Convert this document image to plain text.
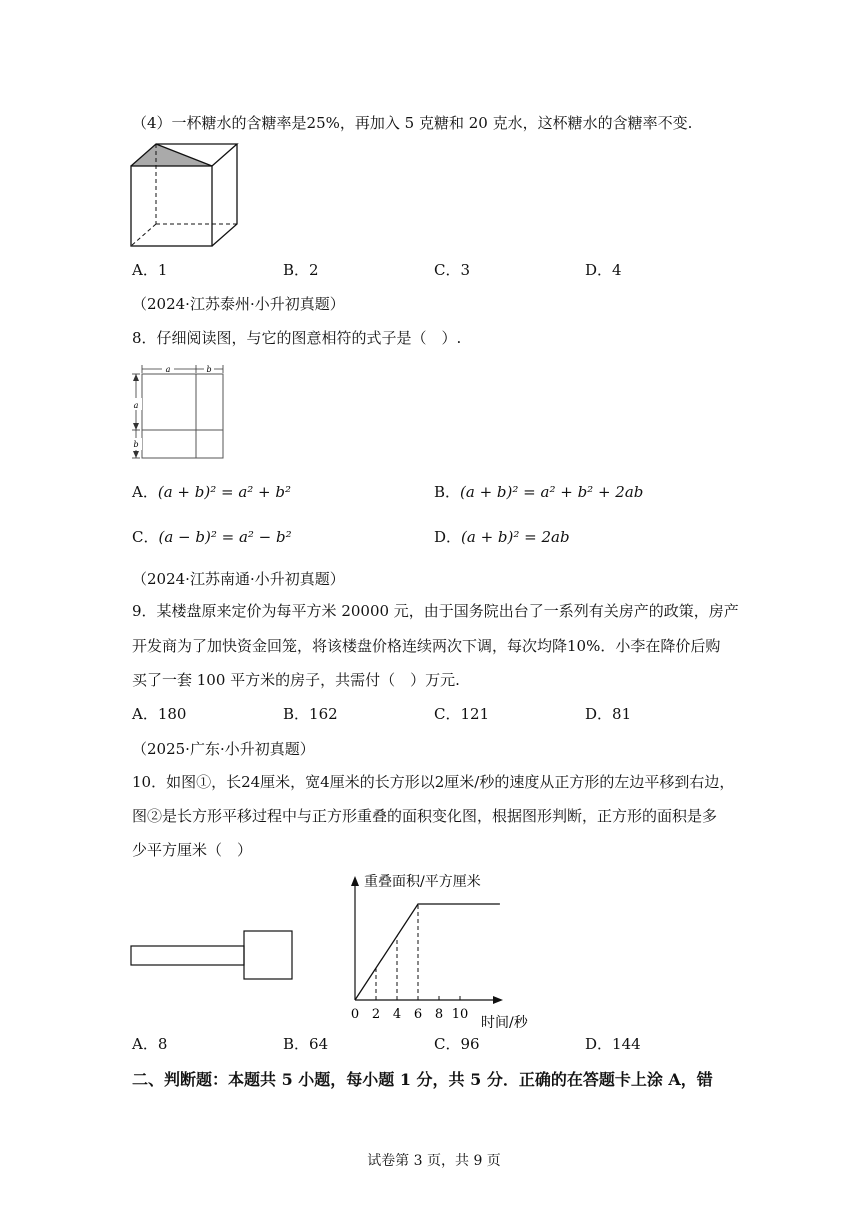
（4）一杯糖水的含糖率是25%，再加入 5 克糖和 20 克水，这杯糖水的含糖率不变.
A．1	B．2	C．3	D．4
（2024·江苏泰州·小升初真题）
8．仔细阅读图，与它的图意相符的式子是（　）.
a	b
a
b
A．(a + b)² = a² + b²	B．(a + b)² = a² + b² + 2ab
C．(a − b)² = a² − b²	D．(a + b)² = 2ab
（2024·江苏南通·小升初真题）
9．某楼盘原来定价为每平方米 20000 元，由于国务院出台了一系列有关房产的政策，房产
开发商为了加快资金回笼，将该楼盘价格连续两次下调，每次均降10%．小李在降价后购
买了一套 100 平方米的房子，共需付（　）万元.
A．180	B．162	C．121	D．81
（2025·广东·小升初真题）
10．如图①，长24厘米，宽4厘米的长方形以2厘米/秒的速度从正方形的左边平移到右边，
图②是长方形平移过程中与正方形重叠的面积变化图，根据图形判断，正方形的面积是多
少平方厘米（　）
0 2 4 6 8 10
重叠面积/平方厘米
时间/秒
A．8	B．64	C．96	D．144
二、判断题：本题共 5 小题，每小题 1 分，共 5 分．正确的在答题卡上涂 A，错
试卷第 3 页，共 9 页
